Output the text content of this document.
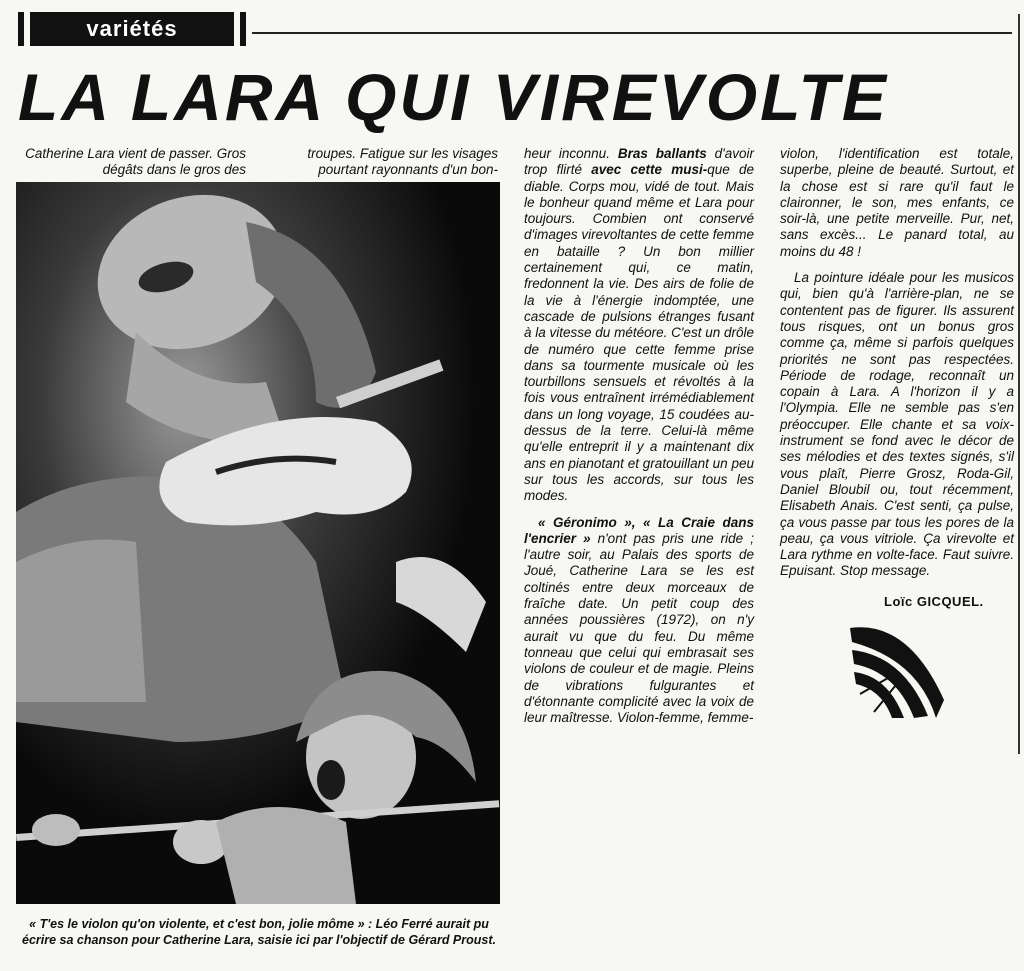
variétés
LA LARA QUI VIREVOLTE

Catherine Lara vient de passer. Gros dégâts dans le gros des

troupes. Fatigue sur les visages pourtant rayonnants d'un bon-

heur inconnu. Bras ballants d'avoir trop flirté avec cette musi-que de diable. Corps mou, vidé de tout. Mais le bonheur quand même et Lara pour toujours. Combien ont conservé d'images virevoltantes de cette femme en bataille ? Un bon millier certainement qui, ce matin, fredonnent la vie. Des airs de folie de la vie à l'énergie indomptée, une cascade de pulsions étranges fusant à la vitesse du météore. C'est un drôle de numéro que cette femme prise dans sa tourmente musicale où les tourbillons sensuels et révoltés à la fois vous entraînent irrémédiablement dans un long voyage, 15 coudées au-dessus de la terre. Celui-là même qu'elle entreprit il y a maintenant dix ans en pianotant et gratouillant un peu sur tous les accords, sur tous les modes.

« Géronimo », « La Craie dans l'encrier » n'ont pas pris une ride ; l'autre soir, au Palais des sports de Joué, Catherine Lara se les est coltinés entre deux morceaux de fraîche date. Un petit coup des années poussières (1972), on n'y aurait vu que du feu. Du même tonneau que celui qui embrasait ses violons de couleur et de magie. Pleins de vibrations fulgurantes et d'étonnante complicité avec la voix de leur maîtresse. Violon-femme, femme-

violon, l'identification est totale, superbe, pleine de beauté. Surtout, et la chose est si rare qu'il faut le claironner, le son, mes enfants, ce soir-là, une petite merveille. Pur, net, sans excès... Le panard total, au moins du 48 !

La pointure idéale pour les musicos qui, bien qu'à l'arrière-plan, ne se contentent pas de figurer. Ils assurent tous risques, ont un bonus gros comme ça, même si parfois quelques priorités ne sont pas respectées. Période de rodage, reconnaît un copain à Lara. A l'horizon il y a l'Olympia. Elle ne semble pas s'en préoccuper. Elle chante et sa voix-instrument se fond avec le décor de ses mélodies et des textes signés, s'il vous plaît, Pierre Grosz, Roda-Gil, Daniel Bloubil ou, tout récemment, Elisabeth Anais. C'est senti, ça pulse, ça vous passe par tous les pores de la peau, ça vous vitriole. Ça virevolte et Lara rythme en volte-face. Faut suivre. Epuisant. Stop message.

Loïc GICQUEL.

« T'es le violon qu'on violente, et c'est bon, jolie môme » : Léo Ferré aurait pu écrire sa chanson pour Catherine Lara, saisie ici par l'objectif de Gérard Proust.
